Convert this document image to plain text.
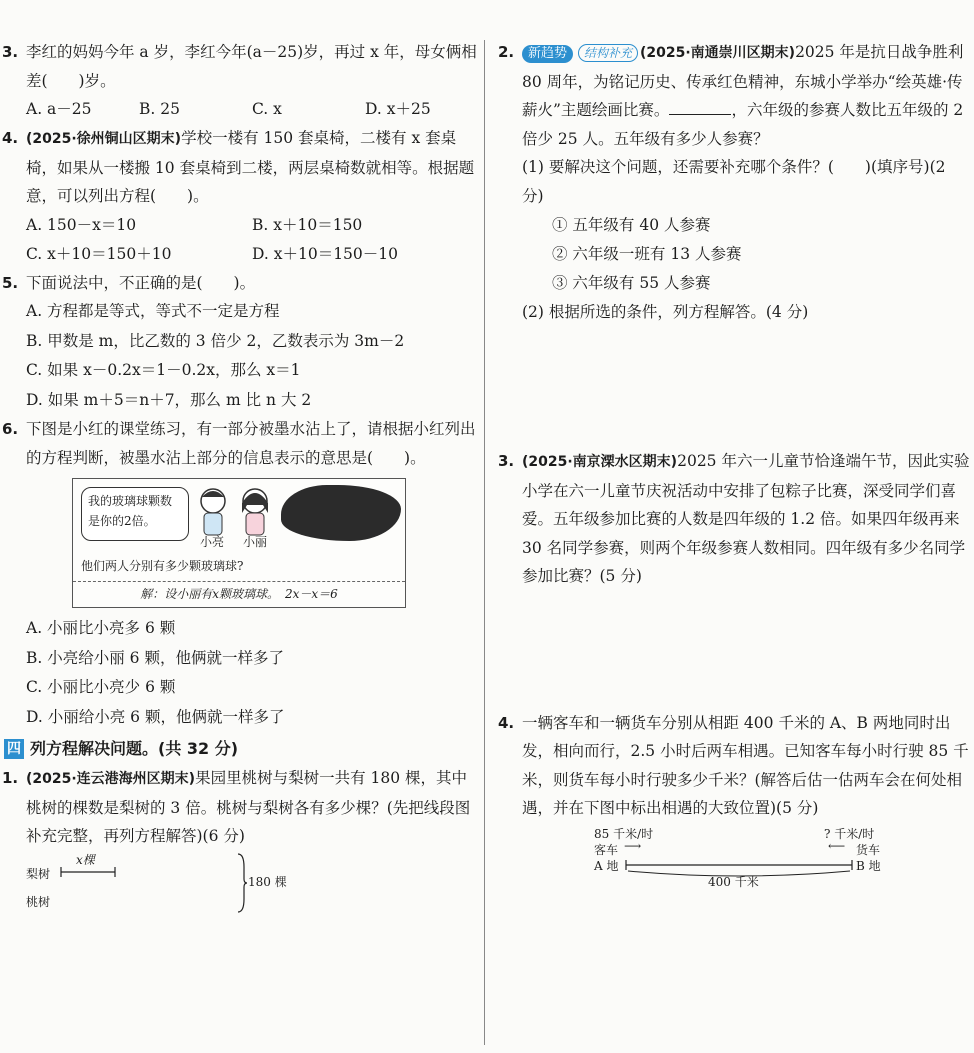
3. 李红的妈妈今年 a 岁，李红今年(a－25)岁，再过 x 年，母女俩相差(　　)岁。
A. a－25	B. 25	C. x	D. x＋25
4. (2025·徐州铜山区期末)学校一楼有 150 套桌椅，二楼有 x 套桌椅，如果从一楼搬 10 套桌椅到二楼，两层桌椅数就相等。根据题意，可以列出方程(　　)。
A. 150－x＝10	B. x＋10＝150
C. x＋10＝150＋10	D. x＋10＝150－10
5. 下面说法中，不正确的是(　　)。
A. 方程都是等式，等式不一定是方程
B. 甲数是 m，比乙数的 3 倍少 2，乙数表示为 3m－2
C. 如果 x－0.2x＝1－0.2x，那么 x＝1
D. 如果 m＋5＝n＋7，那么 m 比 n 大 2
6. 下图是小红的课堂练习，有一部分被墨水沾上了，请根据小红列出的方程判断，被墨水沾上部分的信息表示的意思是(　　)。
我的玻璃球颗数是你的2倍。
小亮 小丽
他们两人分别有多少颗玻璃球?
解：设小丽有x颗玻璃球。　2x－x＝6
A. 小丽比小亮多 6 颗
B. 小亮给小丽 6 颗，他俩就一样多了
C. 小丽比小亮少 6 颗
D. 小丽给小亮 6 颗，他俩就一样多了
四 列方程解决问题。(共 32 分)
1. (2025·连云港海州区期末)果园里桃树与梨树一共有 180 棵，其中桃树的棵数是梨树的 3 倍。桃树与梨树各有多少棵？(先把线段图补充完整，再列方程解答)(6 分)
梨树
x棵
桃树
180 棵
2. 新趋势 结构补充 (2025·南通崇川区期末)2025 年是抗日战争胜利 80 周年，为铭记历史、传承红色精神，东城小学举办“绘英雄·传薪火”主题绘画比赛。	，六年级的参赛人数比五年级的 2 倍少 25 人。五年级有多少人参赛？
(1) 要解决这个问题，还需要补充哪个条件？(　　)(填序号)(2 分)
① 五年级有 40 人参赛
② 六年级一班有 13 人参赛
③ 六年级有 55 人参赛
(2) 根据所选的条件，列方程解答。(4 分)
3. (2025·南京溧水区期末)2025 年六一儿童节恰逢端午节，因此实验小学在六一儿童节庆祝活动中安排了包粽子比赛，深受同学们喜爱。五年级参加比赛的人数是四年级的 1.2 倍。如果四年级再来 30 名同学参赛，则两个年级参赛人数相同。四年级有多少名同学参加比赛？(5 分)
4. 一辆客车和一辆货车分别从相距 400 千米的 A、B 两地同时出发，相向而行，2.5 小时后两车相遇。已知客车每小时行驶 85 千米，则货车每小时行驶多少千米？(解答后估一估两车会在何处相遇，并在下图中标出相遇的大致位置)(5 分)
85 千米/时
客车 ⟶
A 地
? 千米/时
⟵ 货车
B 地
400 千米
